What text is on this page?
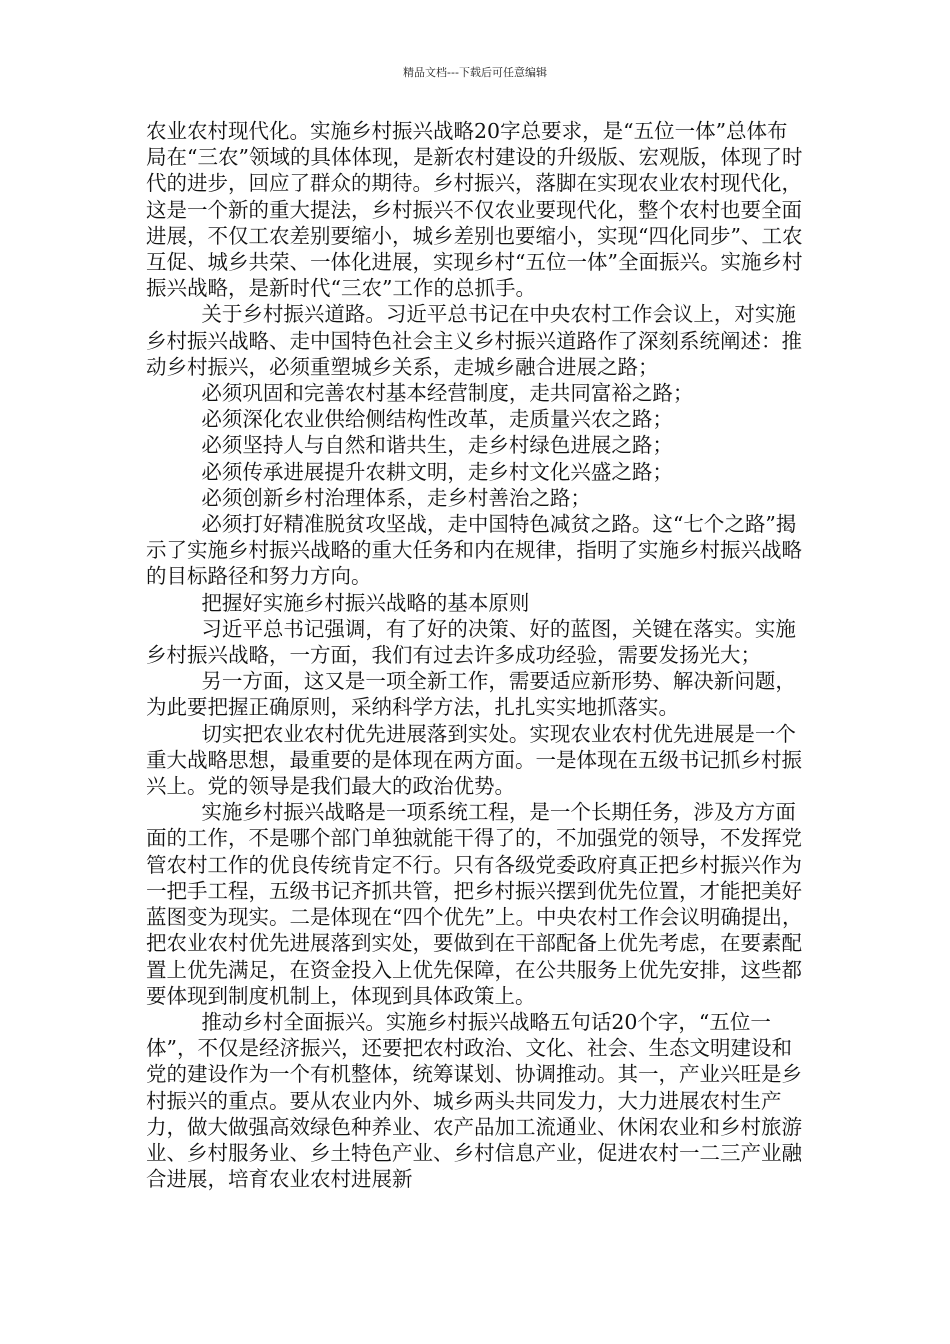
精品文档---下载后可任意编辑

农业农村现代化。实施乡村振兴战略20字总要求，是“五位一体”总体布局在“三农”领域的具体体现，是新农村建设的升级版、宏观版，体现了时代的进步，回应了群众的期待。乡村振兴，落脚在实现农业农村现代化，这是一个新的重大提法，乡村振兴不仅农业要现代化，整个农村也要全面进展，不仅工农差别要缩小，城乡差别也要缩小，实现“四化同步”、工农互促、城乡共荣、一体化进展，实现乡村“五位一体”全面振兴。实施乡村振兴战略，是新时代“三农”工作的总抓手。

关于乡村振兴道路。习近平总书记在中央农村工作会议上，对实施乡村振兴战略、走中国特色社会主义乡村振兴道路作了深刻系统阐述：推动乡村振兴，必须重塑城乡关系，走城乡融合进展之路；

必须巩固和完善农村基本经营制度，走共同富裕之路；

必须深化农业供给侧结构性改革，走质量兴农之路；

必须坚持人与自然和谐共生，走乡村绿色进展之路；

必须传承进展提升农耕文明，走乡村文化兴盛之路；

必须创新乡村治理体系，走乡村善治之路；

必须打好精准脱贫攻坚战，走中国特色减贫之路。这“七个之路”揭示了实施乡村振兴战略的重大任务和内在规律，指明了实施乡村振兴战略的目标路径和努力方向。

把握好实施乡村振兴战略的基本原则

习近平总书记强调，有了好的决策、好的蓝图，关键在落实。实施乡村振兴战略，一方面，我们有过去许多成功经验，需要发扬光大；

另一方面，这又是一项全新工作，需要适应新形势、解决新问题，为此要把握正确原则，采纳科学方法，扎扎实实地抓落实。

切实把农业农村优先进展落到实处。实现农业农村优先进展是一个重大战略思想，最重要的是体现在两方面。一是体现在五级书记抓乡村振兴上。党的领导是我们最大的政治优势。

实施乡村振兴战略是一项系统工程，是一个长期任务，涉及方方面面的工作，不是哪个部门单独就能干得了的，不加强党的领导，不发挥党管农村工作的优良传统肯定不行。只有各级党委政府真正把乡村振兴作为一把手工程，五级书记齐抓共管，把乡村振兴摆到优先位置，才能把美好蓝图变为现实。二是体现在“四个优先”上。中央农村工作会议明确提出，把农业农村优先进展落到实处，要做到在干部配备上优先考虑，在要素配置上优先满足，在资金投入上优先保障，在公共服务上优先安排，这些都要体现到制度机制上，体现到具体政策上。

推动乡村全面振兴。实施乡村振兴战略五句话20个字，“五位一体”，不仅是经济振兴，还要把农村政治、文化、社会、生态文明建设和党的建设作为一个有机整体，统筹谋划、协调推动。其一，产业兴旺是乡村振兴的重点。要从农业内外、城乡两头共同发力，大力进展农村生产力，做大做强高效绿色种养业、农产品加工流通业、休闲农业和乡村旅游业、乡村服务业、乡土特色产业、乡村信息产业，促进农村一二三产业融合进展，培育农业农村进展新
